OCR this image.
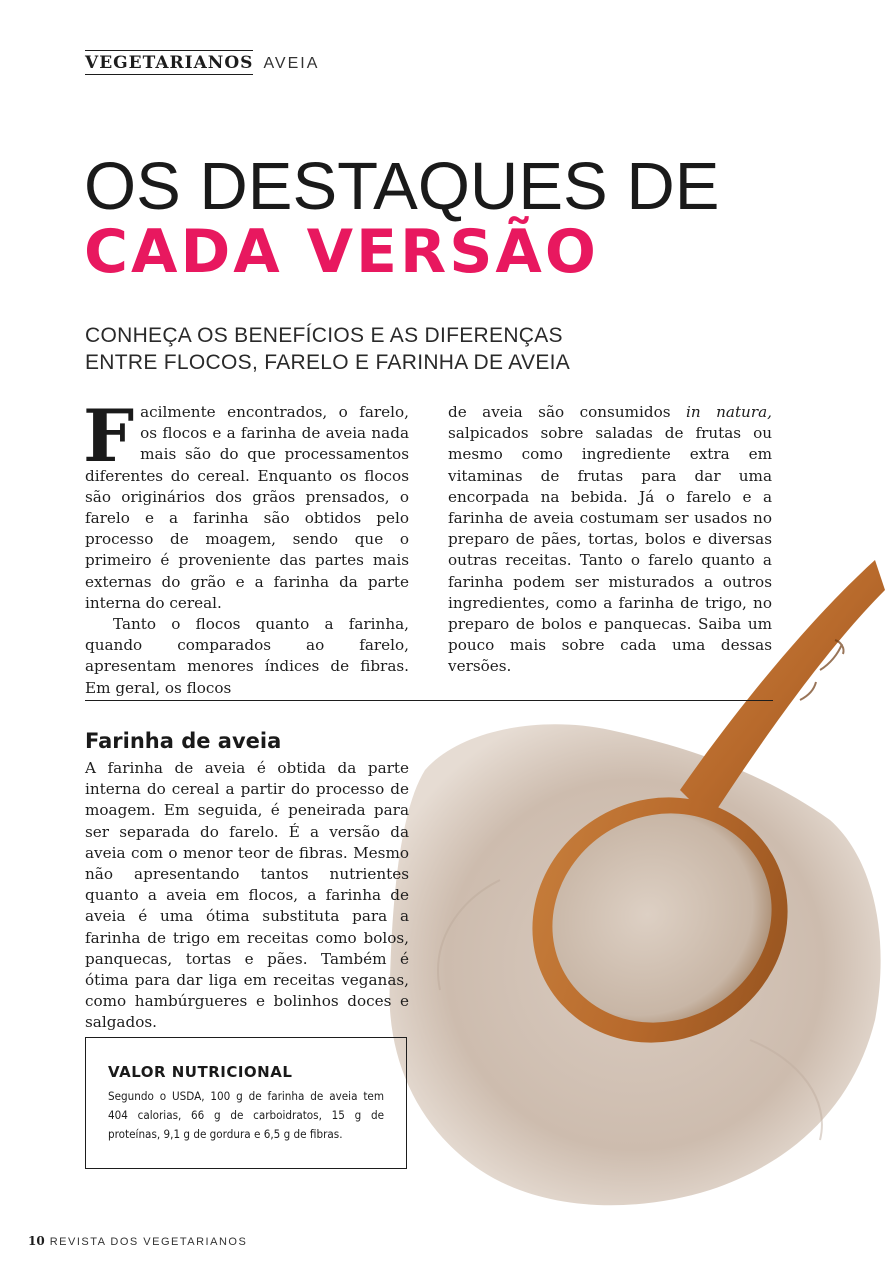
VEGETARIANOS AVEIA
OS DESTAQUES DE
CADA VERSÃO
CONHEÇA OS BENEFÍCIOS E AS DIFERENÇAS
ENTRE FLOCOS, FARELO E FARINHA DE AVEIA

F acilmente encontrados, o farelo, os flocos e a farinha de aveia nada mais são do que processamentos diferentes do cereal. Enquanto os flocos são originários dos grãos prensados, o farelo e a farinha são obtidos pelo processo de moagem, sendo que o primeiro é proveniente das partes mais externas do grão e a farinha da parte interna do cereal.

Tanto o flocos quanto a farinha, quando comparados ao farelo, apresentam menores índices de fibras. Em geral, os flocos

de aveia são consumidos in natura, salpicados sobre saladas de frutas ou mesmo como ingrediente extra em vitaminas de frutas para dar uma encorpada na bebida. Já o farelo e a farinha de aveia costumam ser usados no preparo de pães, tortas, bolos e diversas outras receitas. Tanto o farelo quanto a farinha podem ser misturados a outros ingredientes, como a farinha de trigo, no preparo de bolos e panquecas. Saiba um pouco mais sobre cada uma dessas versões.

Farinha de aveia

A farinha de aveia é obtida da parte interna do cereal a partir do processo de moagem. Em seguida, é peneirada para ser separada do farelo. É a versão da aveia com o menor teor de fibras. Mesmo não apresentando tantos nutrientes quanto a aveia em flocos, a farinha de aveia é uma ótima substituta para a farinha de trigo em receitas como bolos, panquecas, tortas e pães. Também é ótima para dar liga em receitas veganas, como hambúrgueres e bolinhos doces e salgados.

VALOR NUTRICIONAL
Segundo o USDA, 100 g de farinha de aveia tem 404 calorias, 66 g de carboidratos, 15 g de proteínas, 9,1 g de gordura e 6,5 g de fibras.
10 REVISTA DOS VEGETARIANOS
